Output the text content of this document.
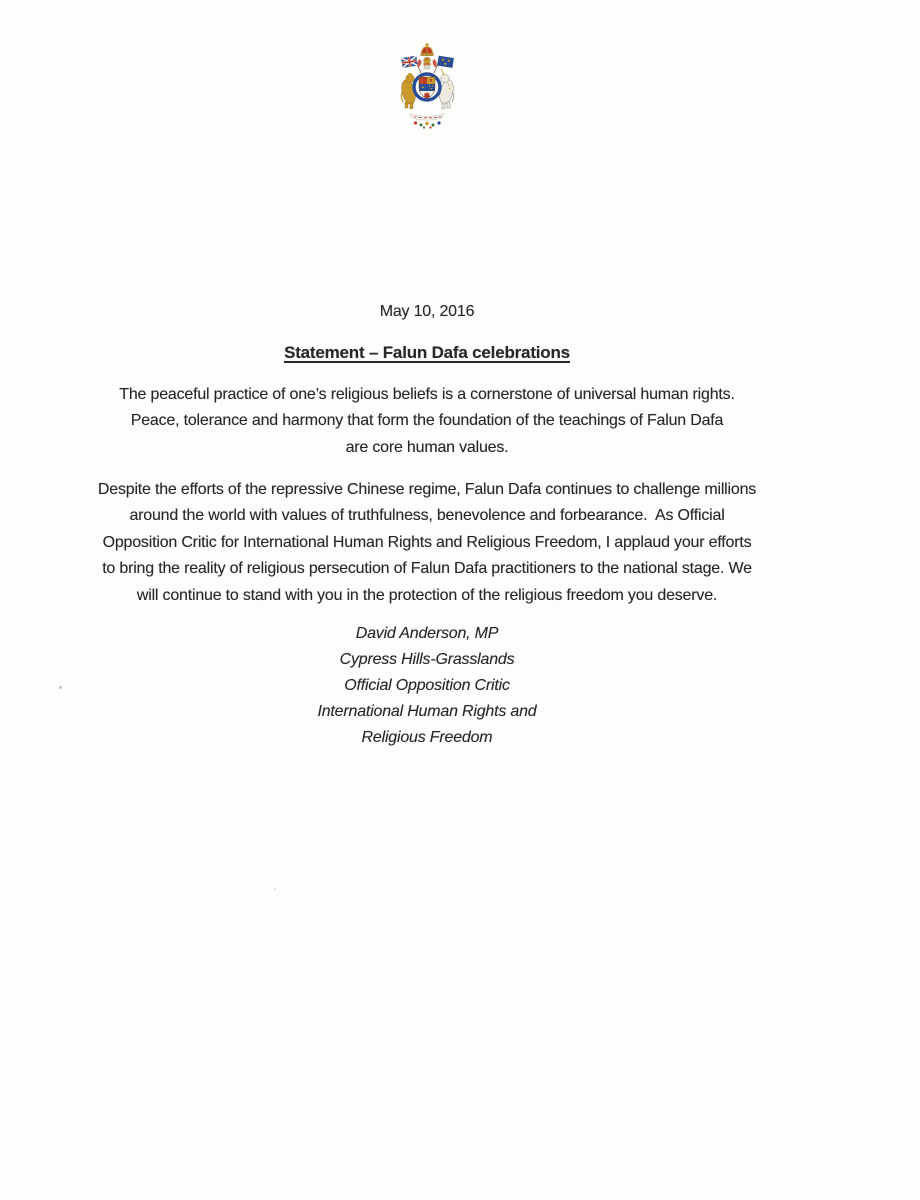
May 10, 2016
Statement – Falun Dafa celebrations
The peaceful practice of one’s religious beliefs is a cornerstone of universal human rights.
Peace, tolerance and harmony that form the foundation of the teachings of Falun Dafa
are core human values.
Despite the efforts of the repressive Chinese regime, Falun Dafa continues to challenge millions
around the world with values of truthfulness, benevolence and forbearance.  As Official
Opposition Critic for International Human Rights and Religious Freedom, I applaud your efforts
to bring the reality of religious persecution of Falun Dafa practitioners to the national stage. We
will continue to stand with you in the protection of the religious freedom you deserve.
David Anderson, MP
Cypress Hills-Grasslands
Official Opposition Critic
International Human Rights and
Religious Freedom
